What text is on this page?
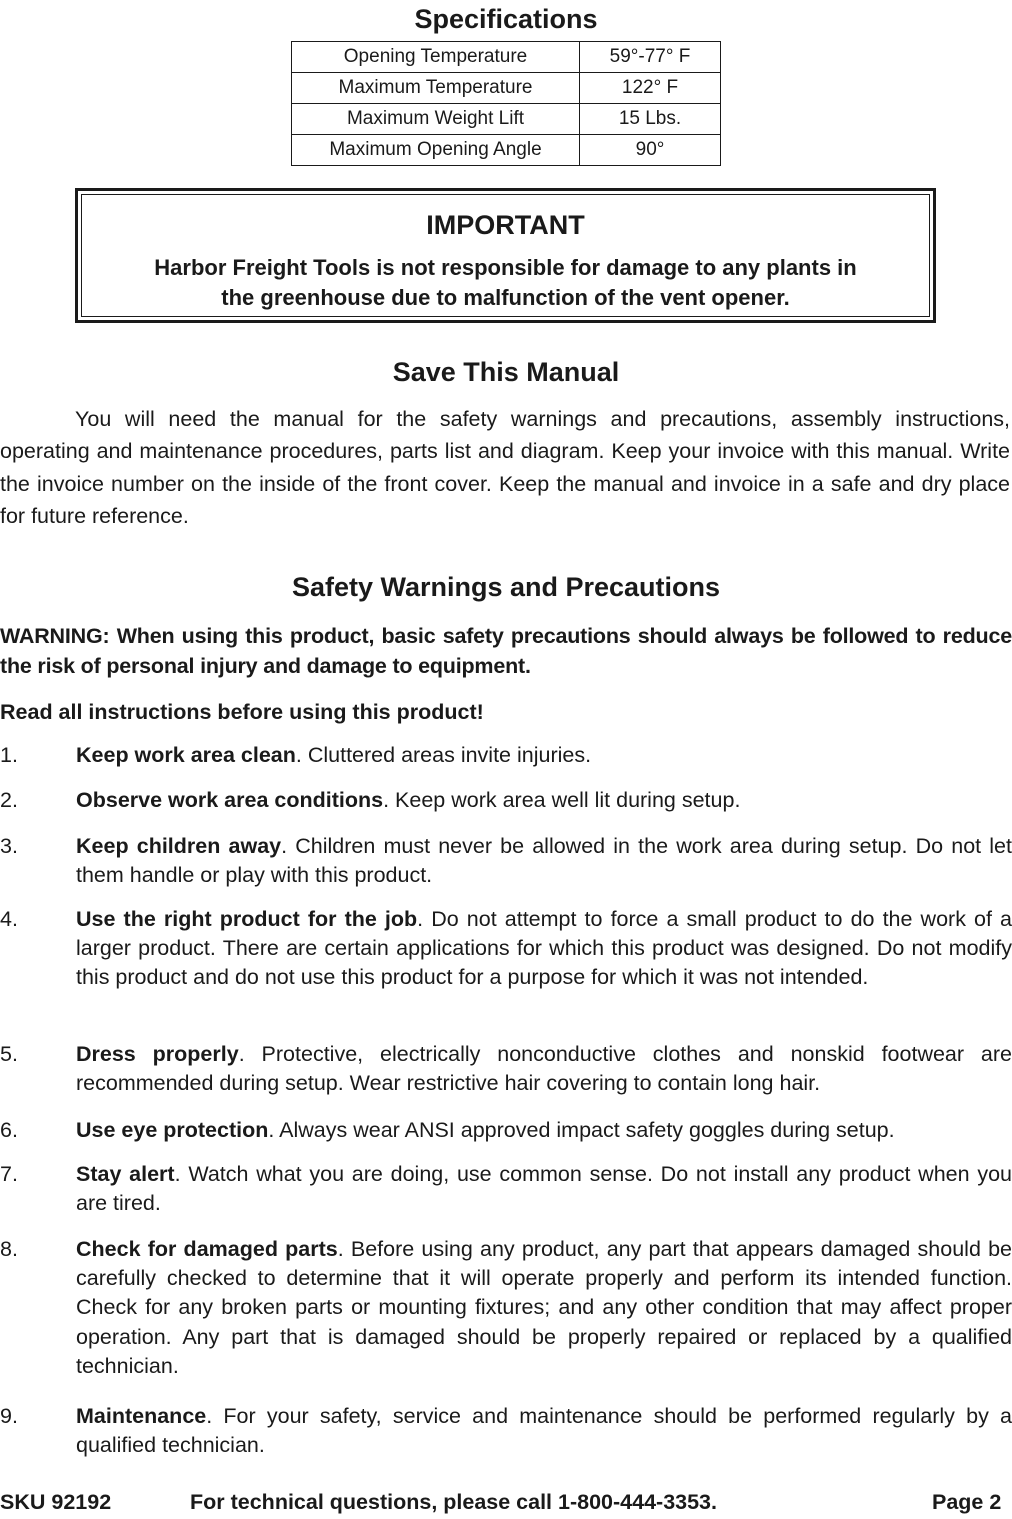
Specifications
Opening Temperature	59°-77° F
Maximum Temperature	122° F
Maximum Weight Lift	15 Lbs.
Maximum Opening Angle	90°
IMPORTANT
Harbor Freight Tools is not responsible for damage to any plants in
the greenhouse due to malfunction of the vent opener.
Save This Manual
You will need the manual for the safety warnings and precautions, assembly instructions, operating and maintenance procedures, parts list and diagram. Keep your invoice with this manual. Write the invoice number on the inside of the front cover. Keep the manual and invoice in a safe and dry place for future reference.
Safety Warnings and Precautions
WARNING: When using this product, basic safety precautions should always be followed to reduce the risk of personal injury and damage to equipment.
Read all instructions before using this product!
1.	Keep work area clean. Cluttered areas invite injuries.
2.	Observe work area conditions. Keep work area well lit during setup.
3.	Keep children away. Children must never be allowed in the work area during setup. Do not let them handle or play with this product.
4.	Use the right product for the job. Do not attempt to force a small product to do the work of a larger product. There are certain applications for which this product was designed. Do not modify this product and do not use this product for a purpose for which it was not intended.
5.	Dress properly. Protective, electrically nonconductive clothes and nonskid footwear are recommended during setup. Wear restrictive hair covering to contain long hair.
6.	Use eye protection. Always wear ANSI approved impact safety goggles during setup.
7.	Stay alert. Watch what you are doing, use common sense. Do not install any product when you are tired.
8.	Check for damaged parts. Before using any product, any part that appears damaged should be carefully checked to determine that it will operate properly and perform its intended function. Check for any broken parts or mounting fixtures; and any other condition that may affect proper operation. Any part that is damaged should be properly repaired or replaced by a qualified technician.
9.	Maintenance. For your safety, service and maintenance should be performed regularly by a qualified technician.
SKU 92192	For technical questions, please call 1-800-444-3353.	Page 2
